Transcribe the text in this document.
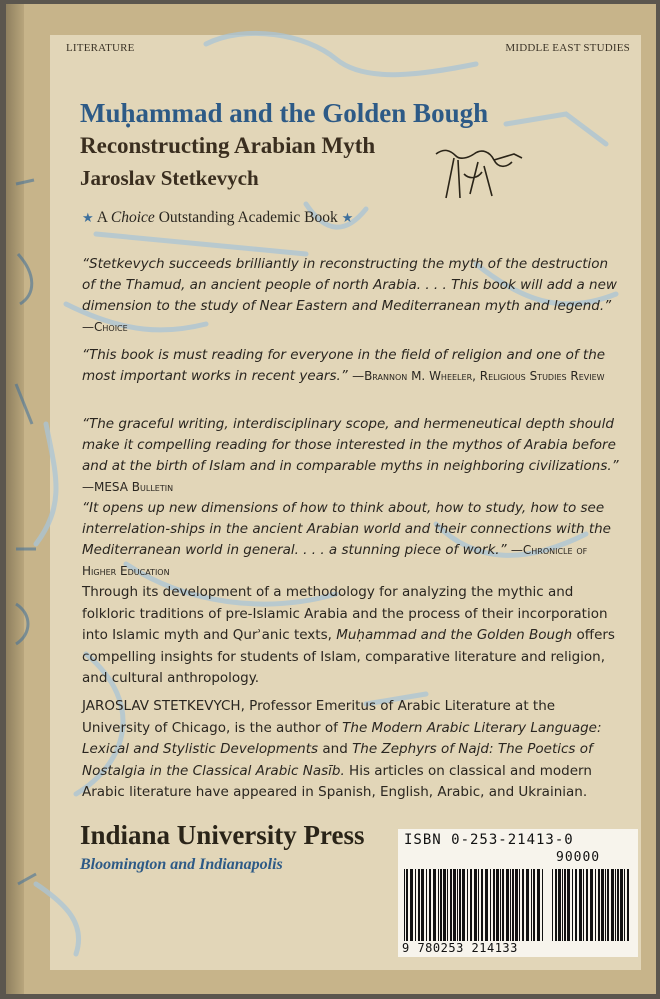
LITERATURE	MIDDLE EAST STUDIES
Muḥammad and the Golden Bough
Reconstructing Arabian Myth
Jaroslav Stetkevych
★ A Choice Outstanding Academic Book ★
“Stetkevych succeeds brilliantly in reconstructing the myth of the destruction of the Thamud, an ancient people of north Arabia. . . . This book will add a new dimension to the study of Near Eastern and Mediterranean myth and legend.” —Choice
“This book is must reading for everyone in the field of religion and one of the most important works in recent years.” —Brannon M. Wheeler, Religious Studies Review
“The graceful writing, interdisciplinary scope, and hermeneutical depth should make it compelling reading for those interested in the mythos of Arabia before and at the birth of Islam and in comparable myths in neighboring civilizations.” —MESA Bulletin
“It opens up new dimensions of how to think about, how to study, how to see interrelation-ships in the ancient Arabian world and their connections with the Mediterranean world in general. . . . a stunning piece of work.” —Chronicle of Higher Education
Through its development of a methodology for analyzing the mythic and folkloric traditions of pre-Islamic Arabia and the process of their incorporation into Islamic myth and Qurʾanic texts, Muḥammad and the Golden Bough offers compelling insights for students of Islam, comparative literature and religion, and cultural anthropology.
JAROSLAV STETKEVYCH, Professor Emeritus of Arabic Literature at the University of Chicago, is the author of The Modern Arabic Literary Language: Lexical and Stylistic Developments and The Zephyrs of Najd: The Poetics of Nostalgia in the Classical Arabic Nasīb. His articles on classical and modern Arabic literature have appeared in Spanish, English, Arabic, and Ukrainian.
Indiana University Press
Bloomington and Indianapolis
ISBN 0-253-21413-0
90000
9 780253 214133
